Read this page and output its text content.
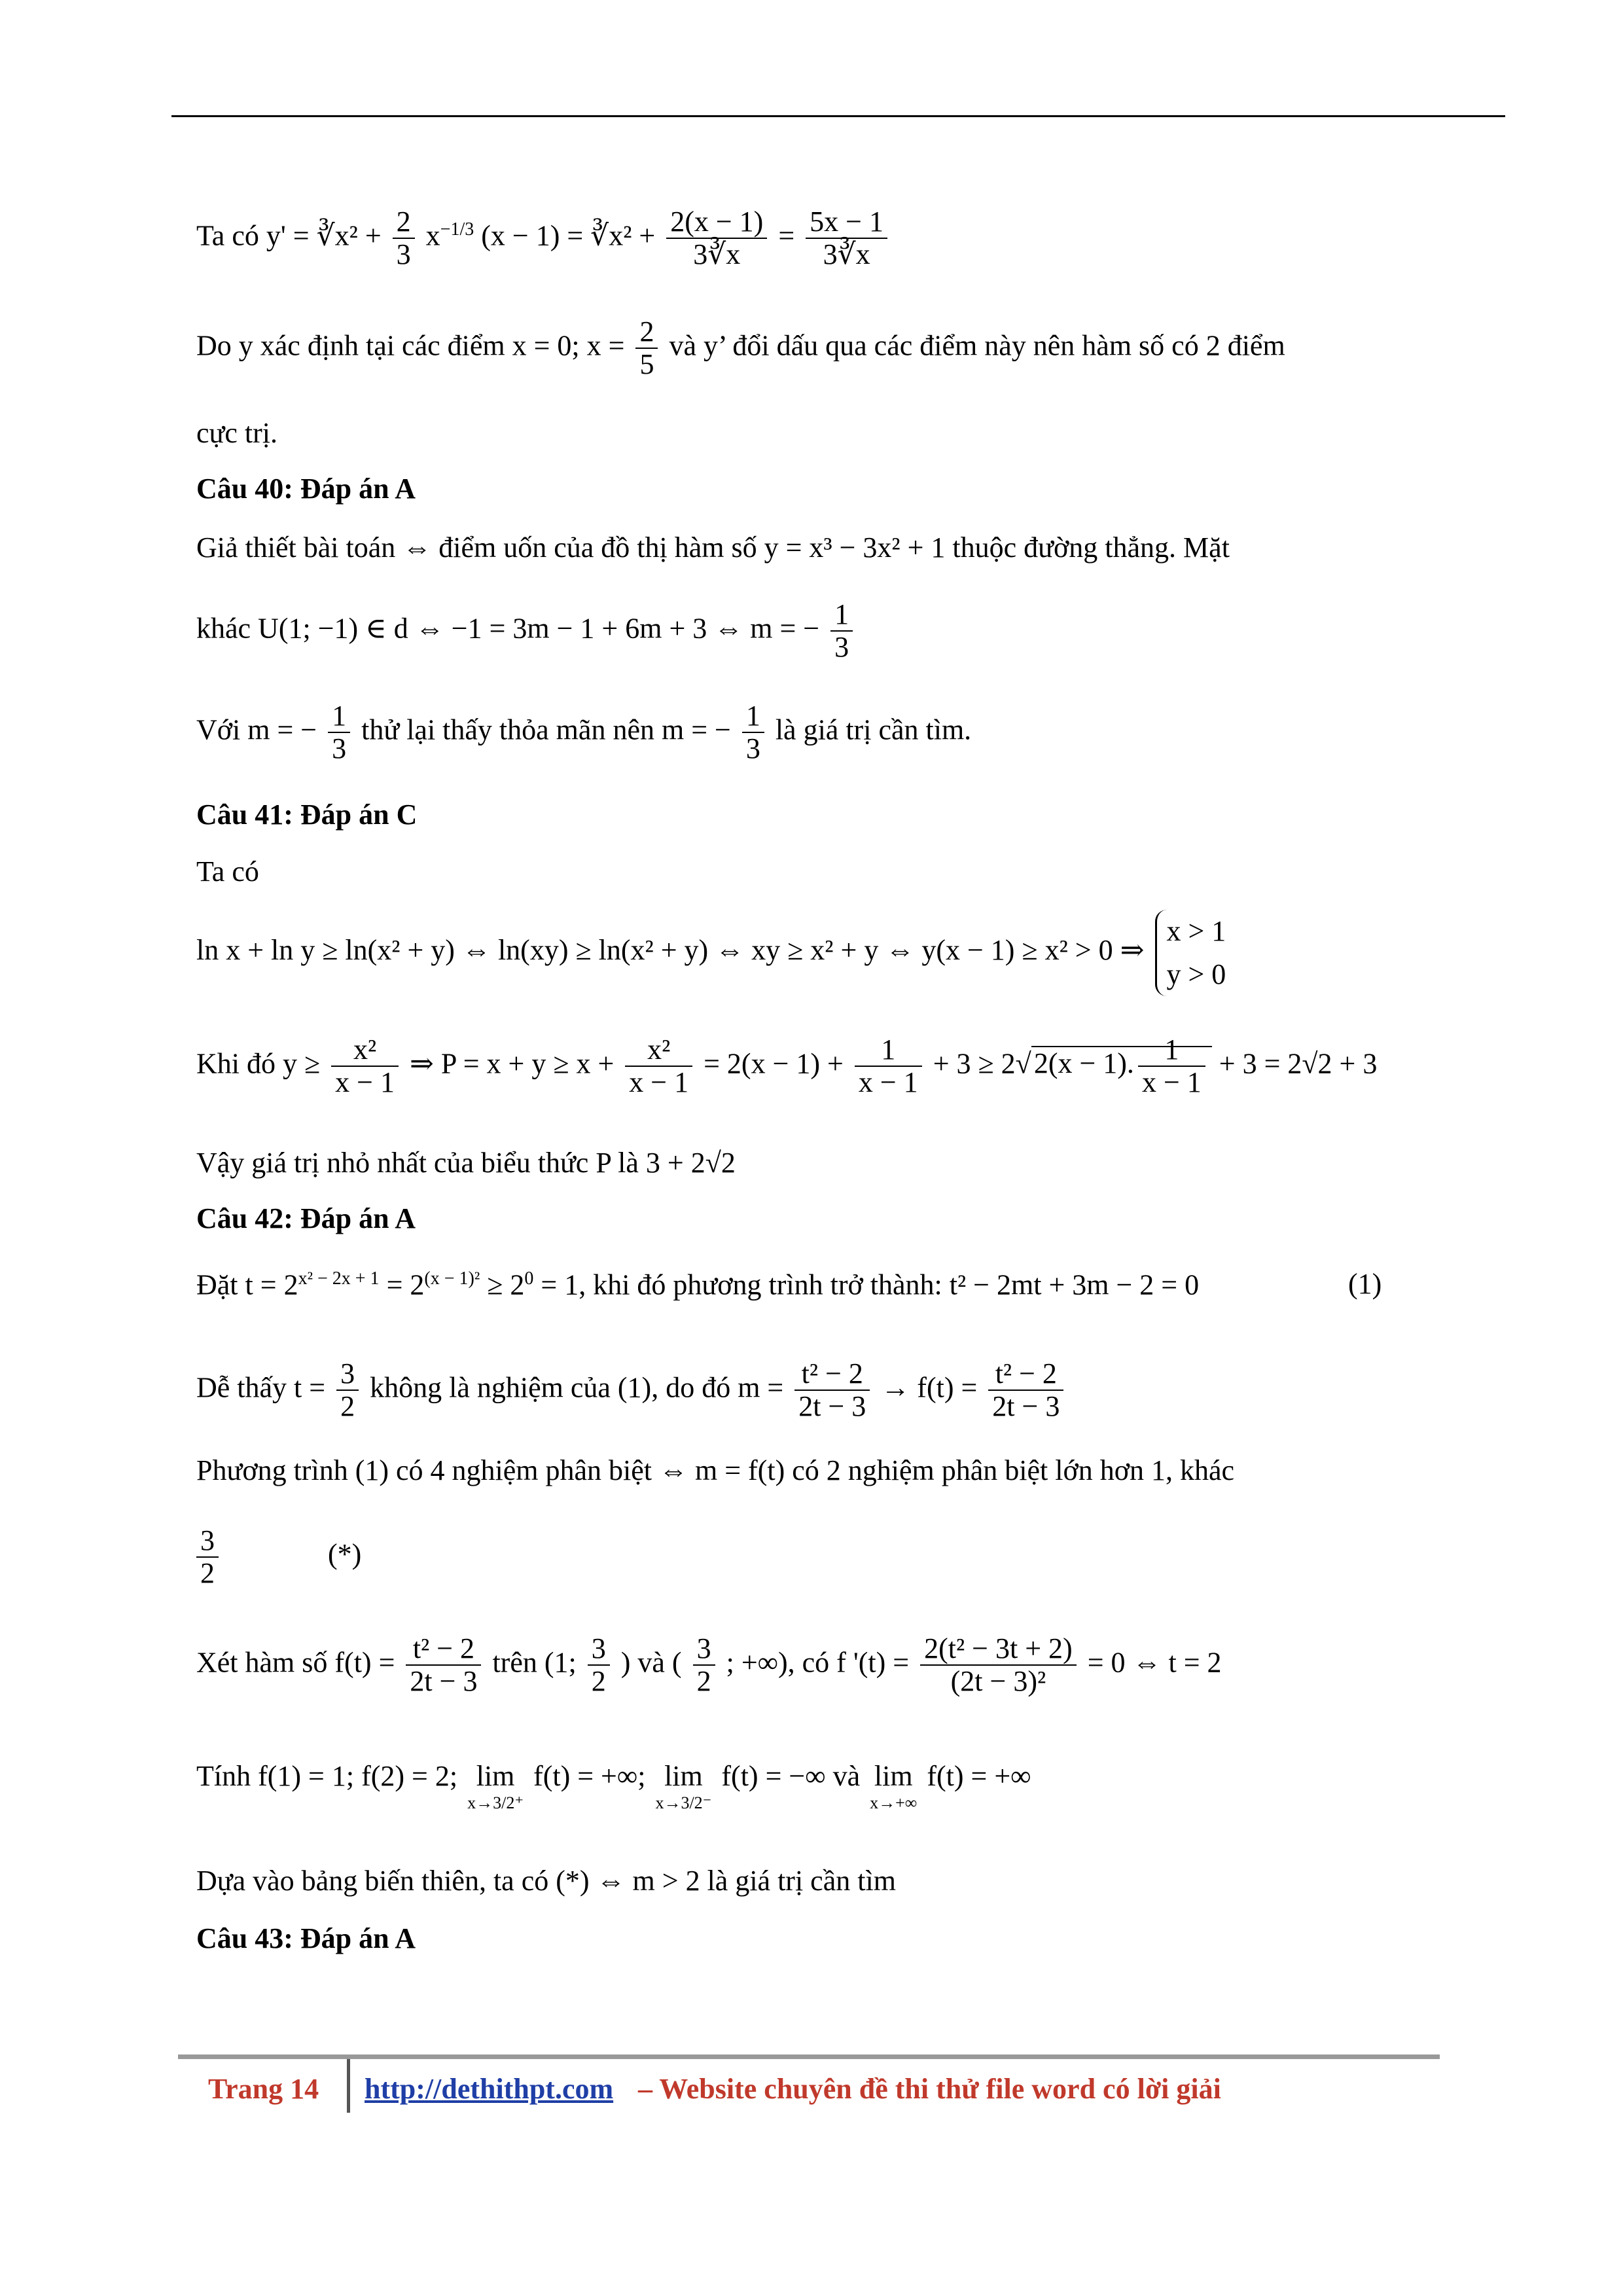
Ta có y' = ∛x² + $\frac{2}{3} x^{-1/3}$ (x − 1) = ∛x² + $\frac{2(x - 1)}{3∛x} = \frac{5x - 1}{3∛x}$
Do y xác định tại các điểm x = 0; $x = \frac{2}{5}$ và y’ đổi dấu qua các điểm này nên hàm số có 2 điểm
cực trị.
Câu 40: Đáp án A
Giả thiết bài toán ⇔ điểm uốn của đồ thị hàm số y = x³ − 3x² + 1 thuộc đường thẳng. Mặt
khác U(1; −1) ∈ d ⇔ −1 = 3m − 1 + 6m + 3 ⇔ m = − $\frac{1}{3}$
Với m = − $\frac{1}{3}$ thử lại thấy thỏa mãn nên m = − $\frac{1}{3}$ là giá trị cần tìm.
Câu 41: Đáp án C
Ta có
ln x + ln y ≥ ln(x² + y) ⇔ ln(xy) ≥ ln(x² + y) ⇔ xy ≥ x² + y ⇔ y(x − 1) ≥ x² > 0 ⇒
x > 1
y > 0
Khi đó $y \ge \frac{\text{x²}}{x - 1}$ ⇒ $P = x + y \ge x + \frac{\text{x²}}{x - 1} = 2(x - 1) + \frac{1}{x - 1} + 3 \ge 2√2(x - 1)$. $\frac{1}{x - 1} + 3 = 2√2 + 3$
Vậy giá trị nhỏ nhất của biểu thức P là 3 + 2√2
Câu 42: Đáp án A
Đặt $t = 2^{x^2 - 2x + 1} = 2^{(x - 1)^2} \ge 2^0 = 1$, khi đó phương trình trở thành: t² − 2mt + 3m − 2 = 0	(1)
Dễ thấy $t = \frac{3}{2}$ không là nghiệm của (1), do đó $m = \frac{\text{t² − 2}}{2t - 3} \to f(t) = \frac{\text{t² − 2}}{2t - 3}$
Phương trình (1) có 4 nghiệm phân biệt ⇔ m = f(t) có 2 nghiệm phân biệt lớn hơn 1, khác
$\frac{3}{2}$	(*)
Xét hàm số $f(t) = \frac{\text{t² − 2}}{2t - 3}$ trên (1; $\frac{3}{2}$ ) và ( $\frac{3}{2}$ ; +∞), có f '$(t) = \frac{\text{2(t² − 3t + 2)}}{\text{(2t − 3)²}} = 0$ ⇔ t = 2
Tính f(1) = 1; f(2) = 2; lim
x→3/2⁺
f(t) = +∞; lim
x→3/2⁻
f(t) = −∞ và lim
x→+∞
f(t) = +∞
Dựa vào bảng biến thiên, ta có (*) ⇔ m > 2 là giá trị cần tìm
Câu 43: Đáp án A
Trang 14 http://dethithpt.com – Website chuyên đề thi thử file word có lời giải
